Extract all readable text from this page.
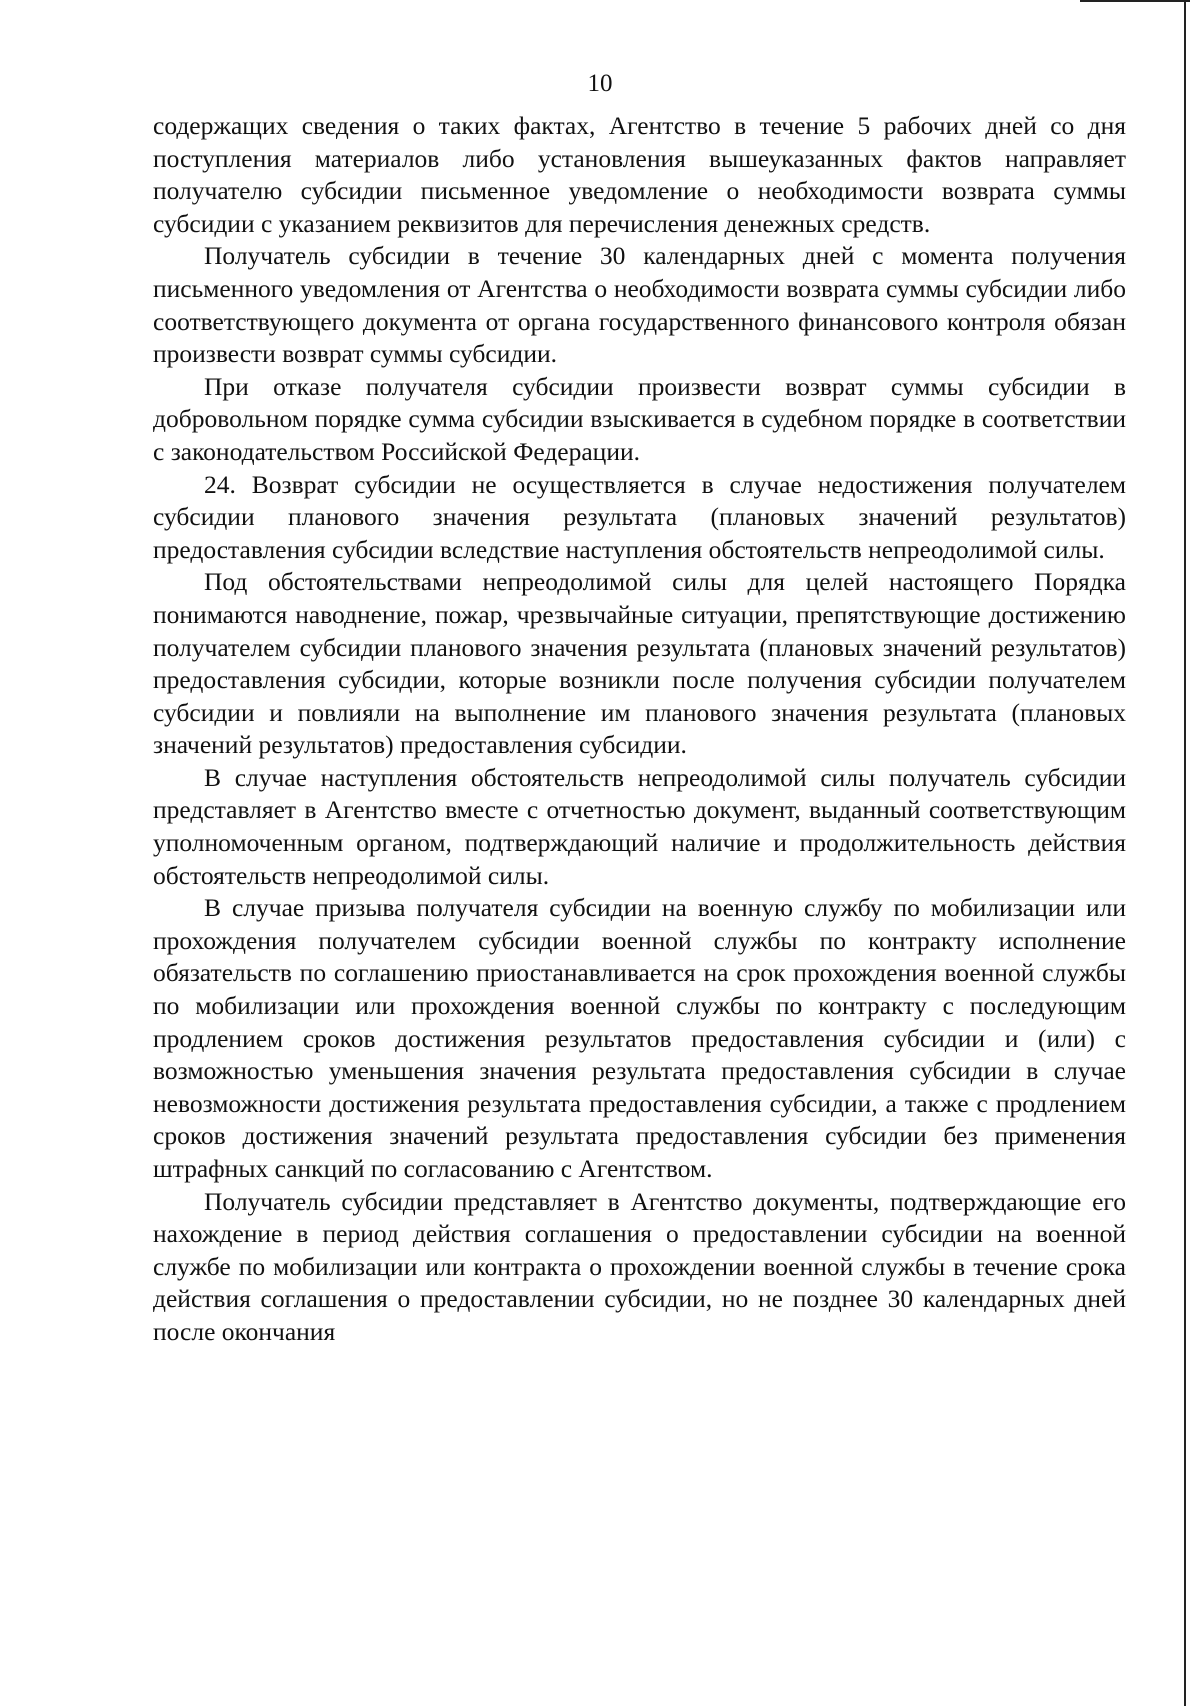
10

содержащих сведения о таких фактах, Агентство в течение 5 рабочих дней со дня поступления материалов либо установления вышеуказанных фактов направляет получателю субсидии письменное уведомление о необходимости возврата суммы субсидии с указанием реквизитов для перечисления денежных средств.

Получатель субсидии в течение 30 календарных дней с момента получения письменного уведомления от Агентства о необходимости возврата суммы субсидии либо соответствующего документа от органа государственного финансового контроля обязан произвести возврат суммы субсидии.

При отказе получателя субсидии произвести возврат суммы субсидии в добровольном порядке сумма субсидии взыскивается в судебном порядке в соответствии с законодательством Российской Федерации.

24. Возврат субсидии не осуществляется в случае недостижения получателем субсидии планового значения результата (плановых значений результатов) предоставления субсидии вследствие наступления обстоятельств непреодолимой силы.

Под обстоятельствами непреодолимой силы для целей настоящего Порядка понимаются наводнение, пожар, чрезвычайные ситуации, препятствующие достижению получателем субсидии планового значения результата (плановых значений результатов) предоставления субсидии, которые возникли после получения субсидии получателем субсидии и повлияли на выполнение им планового значения результата (плановых значений результатов) предоставления субсидии.

В случае наступления обстоятельств непреодолимой силы получатель субсидии представляет в Агентство вместе с отчетностью документ, выданный соответствующим уполномоченным органом, подтверждающий наличие и продолжительность действия обстоятельств непреодолимой силы.

В случае призыва получателя субсидии на военную службу по мобилизации или прохождения получателем субсидии военной службы по контракту исполнение обязательств по соглашению приостанавливается на срок прохождения военной службы по мобилизации или прохождения военной службы по контракту с последующим продлением сроков достижения результатов предоставления субсидии и (или) с возможностью уменьшения значения результата предоставления субсидии в случае невозможности достижения результата предоставления субсидии, а также с продлением сроков достижения значений результата предоставления субсидии без применения штрафных санкций по согласованию с Агентством.

Получатель субсидии представляет в Агентство документы, подтверждающие его нахождение в период действия соглашения о предоставлении субсидии на военной службе по мобилизации или контракта о прохождении военной службы в течение срока действия соглашения о предоставлении субсидии, но не позднее 30 календарных дней после окончания
